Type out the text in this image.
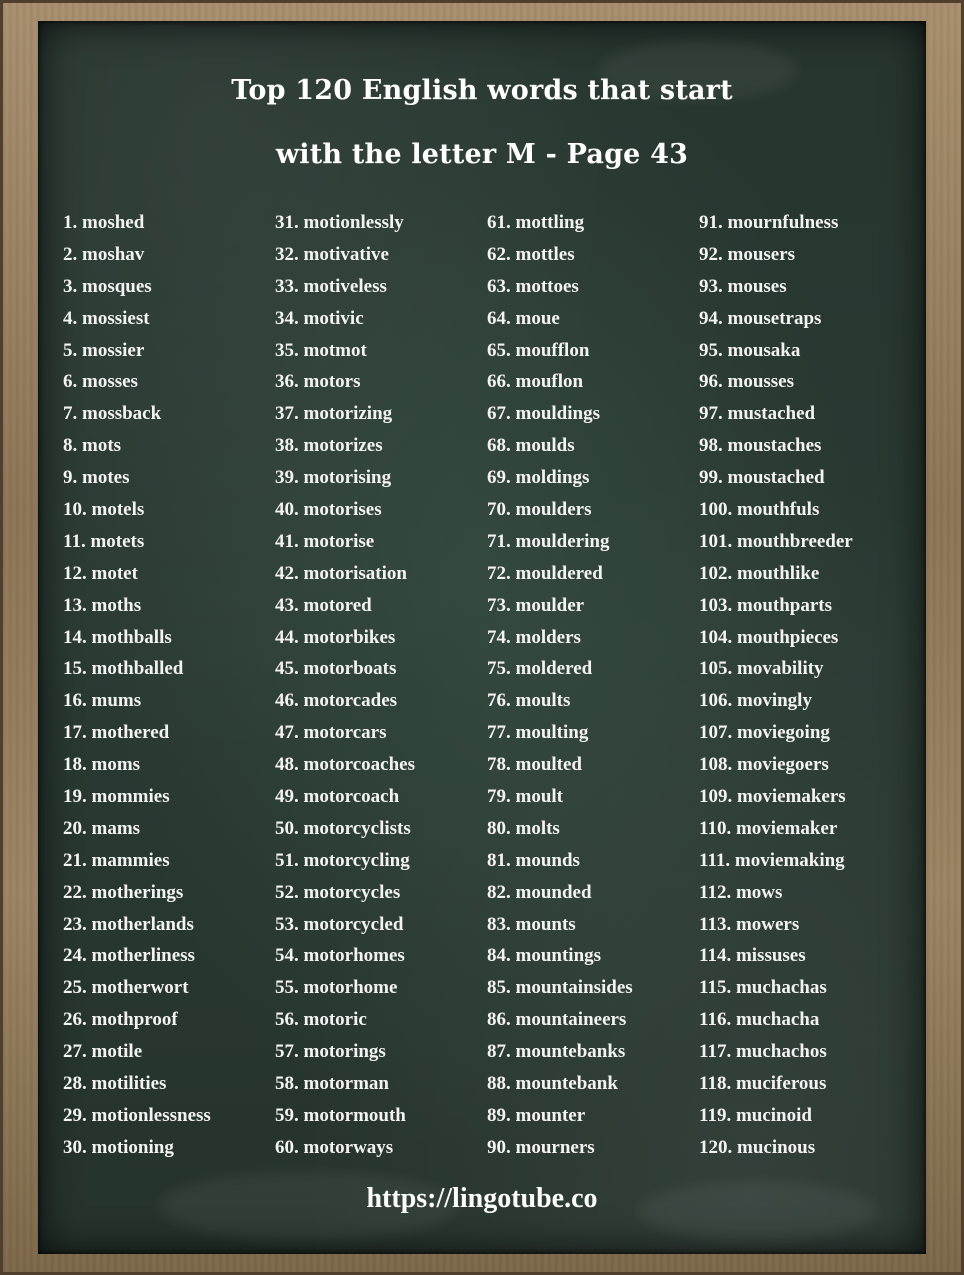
Top 120 English words that start
with the letter M - Page 43
1. moshed
2. moshav
3. mosques
4. mossiest
5. mossier
6. mosses
7. mossback
8. mots
9. motes
10. motels
11. motets
12. motet
13. moths
14. mothballs
15. mothballed
16. mums
17. mothered
18. moms
19. mommies
20. mams
21. mammies
22. motherings
23. motherlands
24. motherliness
25. motherwort
26. mothproof
27. motile
28. motilities
29. motionlessness
30. motioning
31. motionlessly
32. motivative
33. motiveless
34. motivic
35. motmot
36. motors
37. motorizing
38. motorizes
39. motorising
40. motorises
41. motorise
42. motorisation
43. motored
44. motorbikes
45. motorboats
46. motorcades
47. motorcars
48. motorcoaches
49. motorcoach
50. motorcyclists
51. motorcycling
52. motorcycles
53. motorcycled
54. motorhomes
55. motorhome
56. motoric
57. motorings
58. motorman
59. motormouth
60. motorways
61. mottling
62. mottles
63. mottoes
64. moue
65. moufflon
66. mouflon
67. mouldings
68. moulds
69. moldings
70. moulders
71. mouldering
72. mouldered
73. moulder
74. molders
75. moldered
76. moults
77. moulting
78. moulted
79. moult
80. molts
81. mounds
82. mounded
83. mounts
84. mountings
85. mountainsides
86. mountaineers
87. mountebanks
88. mountebank
89. mounter
90. mourners
91. mournfulness
92. mousers
93. mouses
94. mousetraps
95. mousaka
96. mousses
97. mustached
98. moustaches
99. moustached
100. mouthfuls
101. mouthbreeder
102. mouthlike
103. mouthparts
104. mouthpieces
105. movability
106. movingly
107. moviegoing
108. moviegoers
109. moviemakers
110. moviemaker
111. moviemaking
112. mows
113. mowers
114. missuses
115. muchachas
116. muchacha
117. muchachos
118. muciferous
119. mucinoid
120. mucinous
https://lingotube.co
